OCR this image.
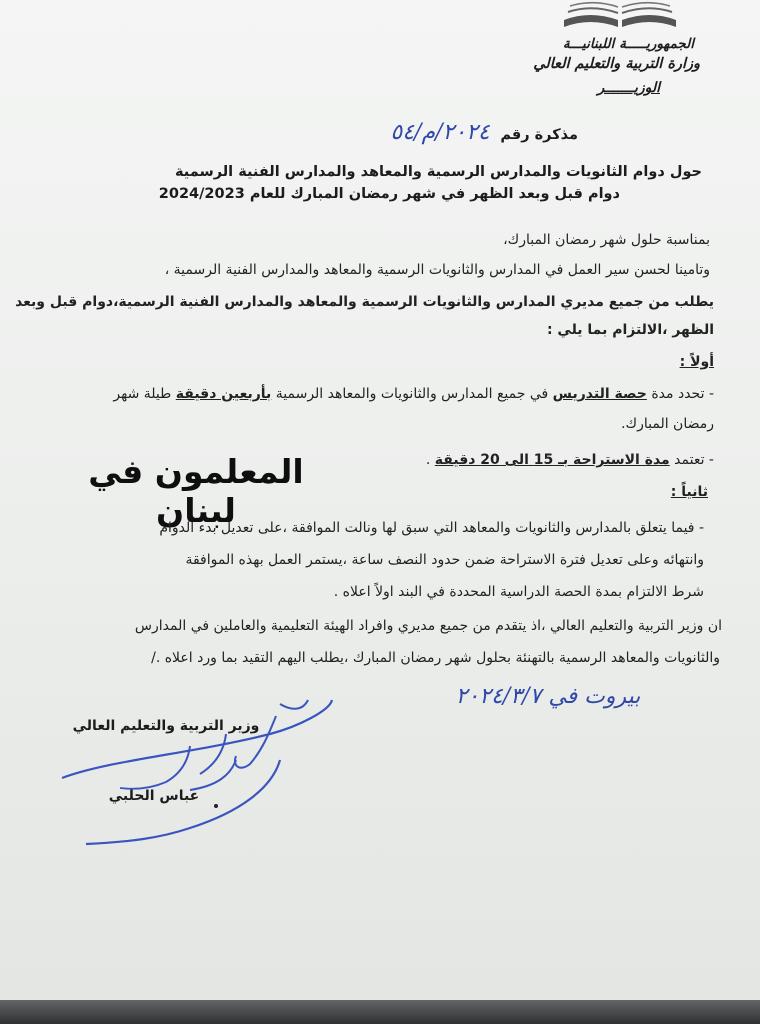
الجمهوريـــــة اللبنانيـــة
وزارة التربية والتعليم العالي
الوزيـــــــر
مذكرة رقم ٢٠٢٤/م/٥٤
حول دوام الثانويات والمدارس الرسمية والمعاهد والمدارس الفنية الرسمية
دوام قبل وبعد الظهر في شهر رمضان المبارك للعام 2024/2023
بمناسبة حلول شهر رمضان المبارك،
وتامينا لحسن سير العمل في المدارس والثانويات الرسمية والمعاهد والمدارس الفنية الرسمية ،
يطلب من جميع مديري المدارس والثانويات الرسمية والمعاهد والمدارس الفنية الرسمية،دوام قبل وبعد
الظهر ،الالتزام بما يلي :
أولاً :
- تحدد مدة حصة التدريس في جميع المدارس والثانويات والمعاهد الرسمية بأربعين دقيقة طيلة شهر
رمضان المبارك.
- تعتمد مدة الاستراحة بـ 15 الى 20 دقيقة .
المعلمون في لبنان	ثانياً :
- فيما يتعلق بالمدارس والثانويات والمعاهد التي سبق لها ونالت الموافقة ،على تعديل بدء الدوام
وانتهائه وعلى تعديل فترة الاستراحة ضمن حدود النصف ساعة ،يستمر العمل بهذه الموافقة
شرط الالتزام بمدة الحصة الدراسية المحددة في البند اولاً اعلاه .
ان وزير التربية والتعليم العالي ،اذ يتقدم من جميع مديري وافراد الهيئة التعليمية والعاملين في المدارس
والثانويات والمعاهد الرسمية بالتهنئة بحلول شهر رمضان المبارك ،يطلب اليهم التقيد بما ورد اعلاه ./
بيروت في ٢٠٢٤/٣/٧
وزير التربية والتعليم العالي
عباس الحلبي
